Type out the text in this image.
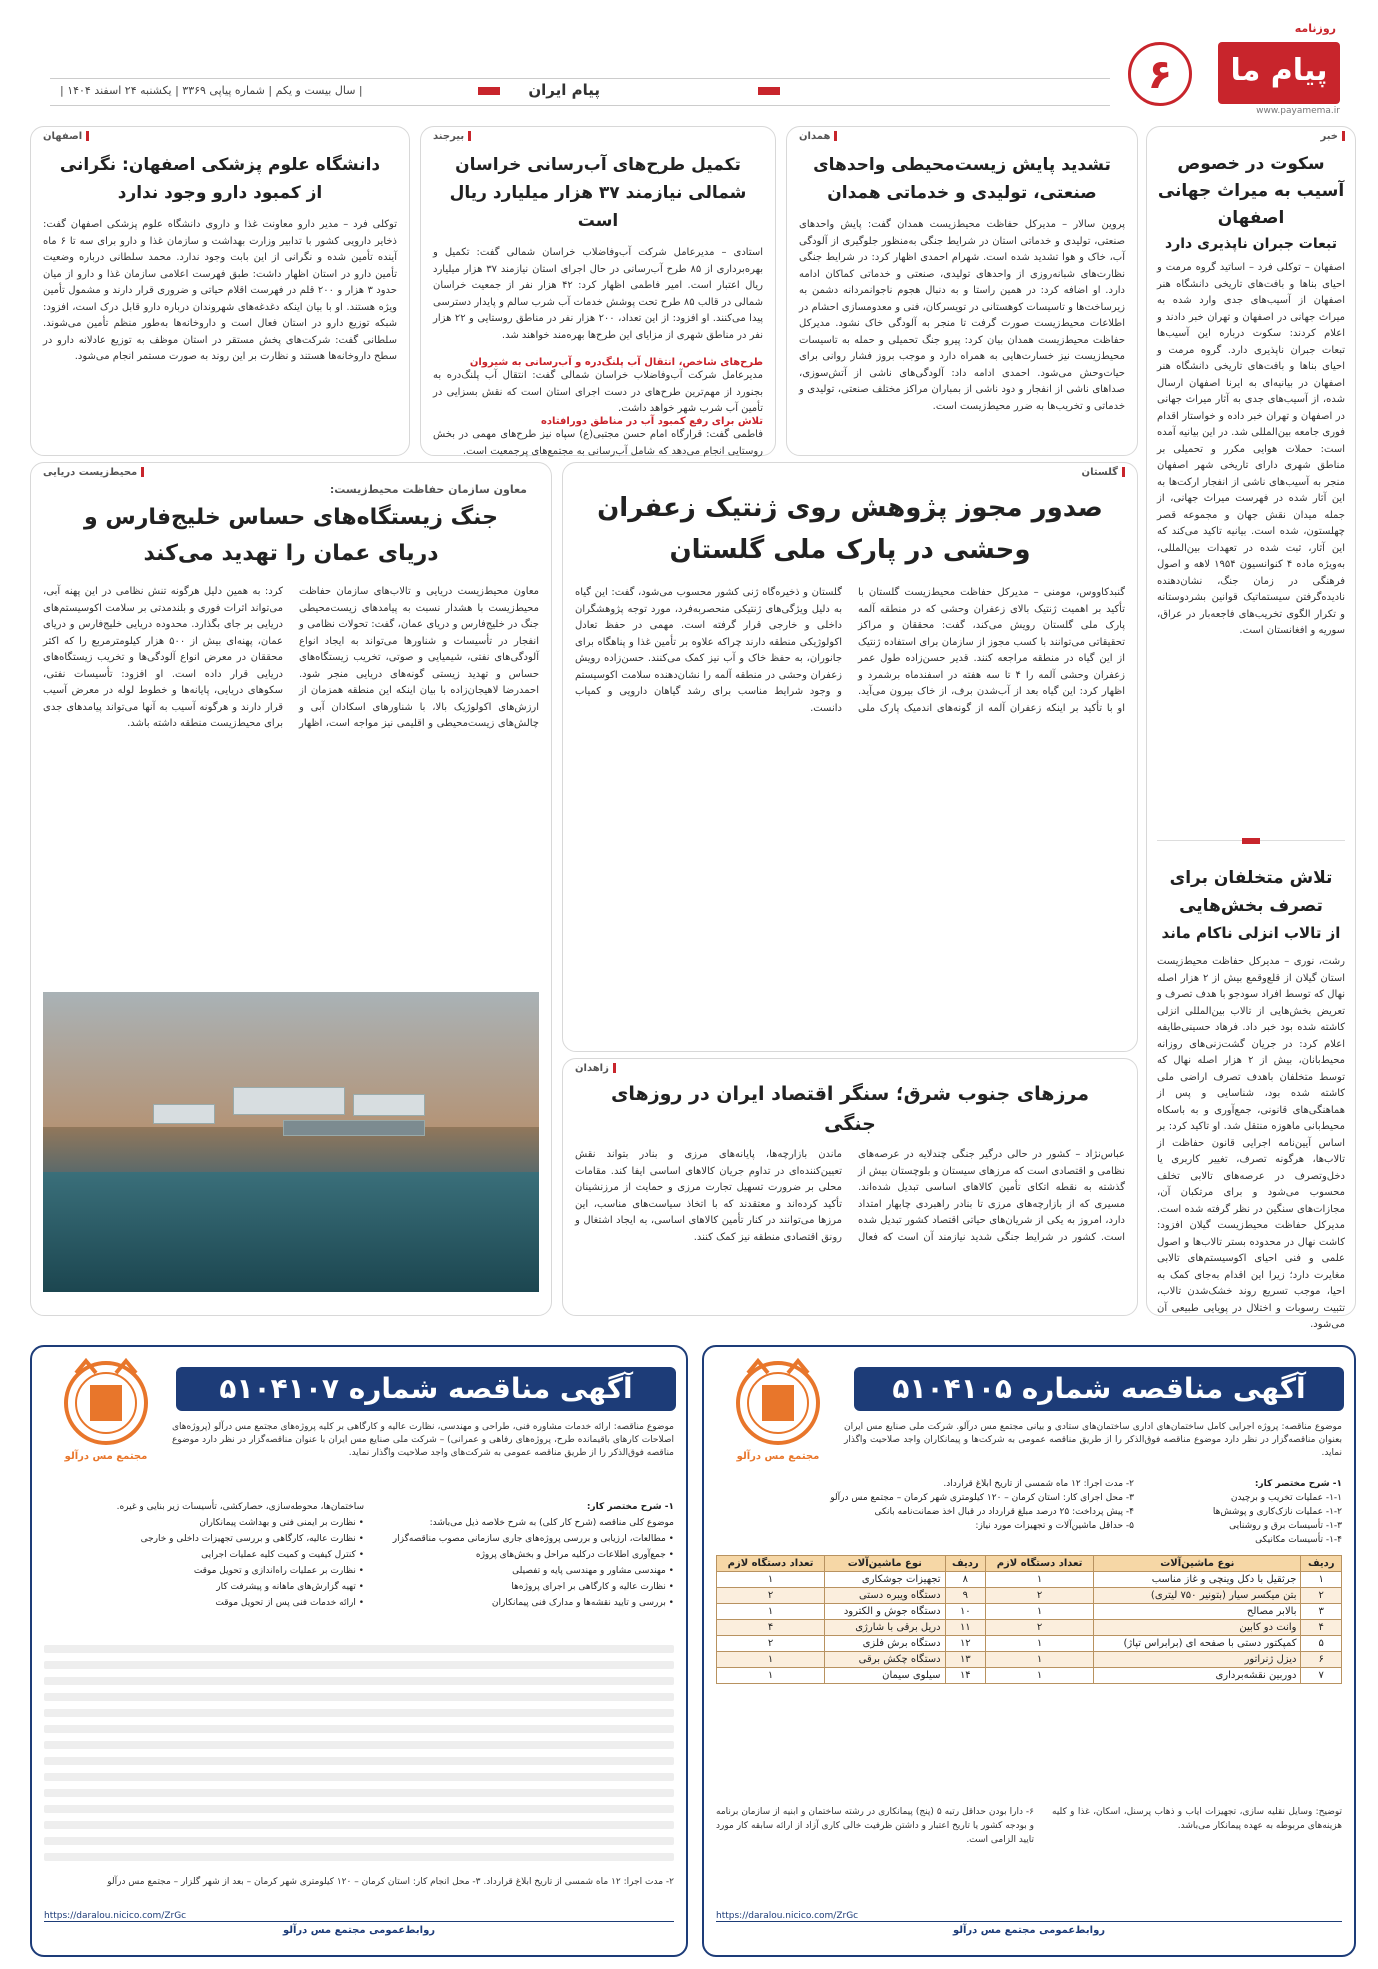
روزنامه
پیام ما
www.payamema.ir
۶
پیام ایران
| سال بیست و یکم | شماره پیاپی ۳۳۶۹ | یکشنبه ۲۴ اسفند ۱۴۰۴ |
خبر
سکوت در خصوص آسیب به میراث جهانی اصفهان
تبعات جبران ناپذیری دارد

اصفهان – توکلی فرد – اساتید گروه مرمت و احیای بناها و بافت‌های تاریخی دانشگاه هنر اصفهان از آسیب‌های جدی وارد شده به میراث جهانی در اصفهان و تهران خبر دادند و اعلام کردند: سکوت درباره این آسیب‌ها تبعات جبران ناپذیری دارد. گروه مرمت و احیای بناها و بافت‌های تاریخی دانشگاه هنر اصفهان در بیانیه‌ای به ایرنا اصفهان ارسال شده، از آسیب‌های جدی به آثار میراث جهانی در اصفهان و تهران خبر داده و خواستار اقدام فوری جامعه بین‌المللی شد. در این بیانیه آمده است: حملات هوایی مکرر و تحمیلی بر مناطق شهری دارای تاریخی شهر اصفهان منجر به آسیب‌های ناشی از انفجار ارکت‌ها به این آثار شده در فهرست میراث جهانی، از جمله میدان نقش جهان و مجموعه قصر چهلستون، شده است. بیانیه تاکید می‌کند که این آثار، ثبت شده در تعهدات بین‌المللی، به‌ویژه ماده ۴ کنوانسیون ۱۹۵۴ لاهه و اصول فرهنگی در زمان جنگ، نشان‌دهنده نادیده‌گرفتن سیستماتیک قوانین بشردوستانه و تکرار الگوی تخریب‌های فاجعه‌بار در عراق، سوریه و افغانستان است.

تلاش متخلفان برای
تصرف بخش‌هایی
از تالاب انزلی ناکام ماند

رشت، نوری – مدیرکل حفاظت محیط‌زیست استان گیلان از قلع‌وقمع بیش از ۲ هزار اصله نهال که توسط افراد سودجو با هدف تصرف و تعریض بخش‌هایی از تالاب بین‌المللی انزلی کاشته شده بود خبر داد. فرهاد حسینی‌طایفه اعلام کرد: در جریان گشت‌زنی‌های روزانه محیط‌بانان، بیش از ۲ هزار اصله نهال که توسط متخلفان باهدف تصرف اراضی ملی کاشته شده بود، شناسایی و پس از هماهنگی‌های قانونی، جمع‌آوری و به باسکاه محیط‌بانی ماهوزه منتقل شد. او تاکید کرد: بر اساس آیین‌نامه اجرایی قانون حفاظت از تالاب‌ها، هرگونه تصرف، تغییر کاربری یا دخل‌وتصرف در عرصه‌های تالابی تخلف محسوب می‌شود و برای مرتکبان آن، مجازات‌های سنگین در نظر گرفته شده است. مدیرکل حفاظت محیط‌زیست گیلان افزود: کاشت نهال در محدوده بستر تالاب‌ها و اصول علمی و فنی احیای اکوسیستم‌های تالابی مغایرت دارد؛ زیرا این اقدام به‌جای کمک به احیا، موجب تسریع روند خشک‌شدن تالاب، تثبیت رسوبات و اختلال در پویایی طبیعی آن می‌شود.

همدان
تشدید پایش زیست‌محیطی واحدهای صنعتی، تولیدی و خدماتی همدان

پروین سالار – مدیرکل حفاظت محیط‌زیست همدان گفت: پایش واحدهای صنعتی، تولیدی و خدماتی استان در شرایط جنگی به‌منظور جلوگیری از آلودگی آب، خاک و هوا تشدید شده است. شهرام احمدی اظهار کرد: در شرایط جنگی نظارت‌های شبانه‌روزی از واحدهای تولیدی، صنعتی و خدماتی کماکان ادامه دارد. او اضافه کرد: در همین راستا و به دنبال هجوم ناجوانمردانه دشمن به زیرساخت‌ها و تاسیسات کوهستانی در تویسرکان، فنی و معدومسازی احشام در اطلاعات محیط‌زیست صورت گرفت تا منجر به آلودگی خاک نشود. مدیرکل حفاظت محیط‌زیست همدان بیان کرد: پیرو جنگ تحمیلی و حمله به تاسیسات محیط‌زیست نیز خسارت‌هایی به همراه دارد و موجب بروز فشار روانی برای حیات‌وحش می‌شود. احمدی ادامه داد: آلودگی‌های ناشی از آتش‌سوزی، صداهای ناشی از انفجار و دود ناشی از بمباران مراکز مختلف صنعتی، تولیدی و خدماتی و تخریب‌ها به ضرر محیط‌زیست است.

بیرجند
تکمیل طرح‌های آب‌رسانی خراسان شمالی نیازمند ۳۷ هزار میلیارد ریال است

استادی – مدیرعامل شرکت آب‌وفاضلاب خراسان شمالی گفت: تکمیل و بهره‌برداری از ۸۵ طرح آب‌رسانی در حال اجرای استان نیازمند ۳۷ هزار میلیارد ریال اعتبار است. امیر فاطمی اظهار کرد: ۴۲ هزار نفر از جمعیت خراسان شمالی در قالب ۸۵ طرح تحت پوشش خدمات آب شرب سالم و پایدار دسترسی پیدا می‌کنند. او افزود: از این تعداد، ۲۰۰ هزار نفر در مناطق روستایی و ۲۲ هزار نفر در مناطق شهری از مزایای این طرح‌ها بهره‌مند خواهند شد.

طرح‌های شاخص، انتقال آب پلنگ‌دره و آب‌رسانی به شیروان

مدیرعامل شرکت آب‌وفاضلاب خراسان شمالی گفت: انتقال آب پلنگ‌دره به بجنورد از مهم‌ترین طرح‌های در دست اجرای استان است که نقش بسزایی در تأمین آب شرب شهر خواهد داشت.

تلاش برای رفع کمبود آب در مناطق دورافتاده

فاطمی گفت: قرارگاه امام حسن مجتبی(ع) سپاه نیز طرح‌های مهمی در بخش روستایی انجام می‌دهد که شامل آب‌رسانی به مجتمع‌های پرجمعیت است.

اصفهان
دانشگاه علوم پزشکی اصفهان: نگرانی از کمبود دارو وجود ندارد

توکلی فرد – مدیر دارو معاونت غذا و داروی دانشگاه علوم پزشکی اصفهان گفت: ذخایر دارویی کشور با تدابیر وزارت بهداشت و سازمان غذا و دارو برای سه تا ۶ ماه آینده تأمین شده و نگرانی از این بابت وجود ندارد. محمد سلطانی درباره وضعیت تأمین دارو در استان اظهار داشت: طبق فهرست اعلامی سازمان غذا و دارو از میان حدود ۳ هزار و ۲۰۰ قلم در فهرست اقلام حیاتی و ضروری قرار دارند و مشمول تأمین ویژه هستند. او با بیان اینکه دغدغه‌های شهروندان درباره دارو قابل درک است، افزود: شبکه توزیع دارو در استان فعال است و داروخانه‌ها به‌طور منظم تأمین می‌شوند. سلطانی گفت: شرکت‌های پخش مستقر در استان موظف به توزیع عادلانه دارو در سطح داروخانه‌ها هستند و نظارت بر این روند به صورت مستمر انجام می‌شود.

گلستان
صدور مجوز پژوهش روی ژنتیک زعفران وحشی در پارک ملی گلستان

گنبدکاووس، مومنی – مدیرکل حفاظت محیط‌زیست گلستان با تأکید بر اهمیت ژنتیک بالای زعفران وحشی که در منطقه آلمه پارک ملی گلستان رویش می‌کند، گفت: محققان و مراکز تحقیقاتی می‌توانند با کسب مجوز از سازمان برای استفاده ژنتیک از این گیاه در منطقه مراجعه کنند. قدیر حسن‌زاده طول عمر زعفران وحشی آلمه را ۴ تا سه هفته در اسفندماه برشمرد و اظهار کرد: این گیاه بعد از آب‌شدن برف، از خاک بیرون می‌آید. او با تأکید بر اینکه زعفران آلمه از گونه‌های اندمیک پارک ملی گلستان و ذخیره‌گاه ژنی کشور محسوب می‌شود، گفت: این گیاه به دلیل ویژگی‌های ژنتیکی منحصربه‌فرد، مورد توجه پژوهشگران داخلی و خارجی قرار گرفته است. مهمی در حفظ تعادل اکولوژیکی منطقه دارند چراکه علاوه بر تأمین غذا و پناهگاه برای جانوران، به حفظ خاک و آب نیز کمک می‌کنند. حسن‌زاده رویش زعفران وحشی در منطقه آلمه را نشان‌دهنده سلامت اکوسیستم و وجود شرایط مناسب برای رشد گیاهان دارویی و کمیاب دانست.

زاهدان
مرزهای جنوب شرق؛ سنگر اقتصاد ایران در روزهای جنگی

عباس‌نژاد – کشور در حالی درگیر جنگی چندلایه در عرصه‌های نظامی و اقتصادی است که مرزهای سیستان و بلوچستان بیش از گذشته به نقطه اتکای تأمین کالاهای اساسی تبدیل شده‌اند. مسیری که از بازارچه‌های مرزی تا بنادر راهبردی چابهار امتداد دارد، امروز به یکی از شریان‌های حیاتی اقتصاد کشور تبدیل شده است. کشور در شرایط جنگی شدید نیازمند آن است که فعال ماندن بازارچه‌ها، پایانه‌های مرزی و بنادر بتواند نقش تعیین‌کننده‌ای در تداوم جریان کالاهای اساسی ایفا کند. مقامات محلی بر ضرورت تسهیل تجارت مرزی و حمایت از مرزنشینان تأکید کرده‌اند و معتقدند که با اتخاذ سیاست‌های مناسب، این مرزها می‌توانند در کنار تأمین کالاهای اساسی، به ایجاد اشتغال و رونق اقتصادی منطقه نیز کمک کنند.

محیط‌زیست دریایی
معاون سازمان حفاظت محیط‌زیست:
جنگ زیستگاه‌های حساس خلیج‌فارس و دریای عمان را تهدید می‌کند

معاون محیط‌زیست دریایی و تالاب‌های سازمان حفاظت محیط‌زیست با هشدار نسبت به پیامدهای زیست‌محیطی جنگ در خلیج‌فارس و دریای عمان، گفت: تحولات نظامی و انفجار در تأسیسات و شناورها می‌تواند به ایجاد انواع آلودگی‌های نفتی، شیمیایی و صوتی، تخریب زیستگاه‌های حساس و تهدید زیستی گونه‌های دریایی منجر شود. احمدرضا لاهیجان‌زاده با بیان اینکه این منطقه همزمان از ارزش‌های اکولوژیک بالا، با شناورهای اسکادان آبی و چالش‌های زیست‌محیطی و اقلیمی نیز مواجه است، اظهار کرد: به همین دلیل هرگونه تنش نظامی در این پهنه آبی، می‌تواند اثرات فوری و بلندمدتی بر سلامت اکوسیستم‌های دریایی بر جای بگذارد. محدوده دریایی خلیج‌فارس و دریای عمان، پهنه‌ای بیش از ۵۰۰ هزار کیلومترمربع را که اکثر محققان در معرض انواع آلودگی‌ها و تخریب زیستگاه‌های دریایی قرار داده است. او افزود: تأسیسات نفتی، سکوهای دریایی، پایانه‌ها و خطوط لوله در معرض آسیب قرار دارند و هرگونه آسیب به آنها می‌تواند پیامدهای جدی برای محیط‌زیست منطقه داشته باشد.

آگهی مناقصه شماره ۵۱۰۴۱۰۵
مجتمع مس درآلو

موضوع مناقصه: پروژه اجرایی کامل ساختمان‌های اداری ساختمان‌های ستادی و بیانی مجتمع مس درآلو. شرکت ملی صنایع مس ایران بعنوان مناقصه‌گزار در نظر دارد موضوع مناقصه فوق‌الذکر را از طریق مناقصه عمومی به شرکت‌ها و پیمانکاران واجد صلاحیت واگذار نماید.

۱- شرح مختصر کار:
۱-۱- عملیات تخریب و برچیدن
۱-۲- عملیات نازک‌کاری و پوشش‌ها
۱-۳- تأسیسات برق و روشنایی
۱-۴- تأسیسات مکانیکی
۲- مدت اجرا: ۱۲ ماه شمسی از تاریخ ابلاغ قرارداد.
۳- محل اجرای کار: استان کرمان – ۱۲۰ کیلومتری شهر کرمان – مجتمع مس درآلو
۴- پیش پرداخت: ۲۵ درصد مبلغ قرارداد در قبال اخذ ضمانت‌نامه بانکی
۵- حداقل ماشین‌آلات و تجهیزات مورد نیاز:
ردیف	نوع ماشین‌آلات	تعداد دستگاه لازم	ردیف	نوع ماشین‌آلات	تعداد دستگاه لازم
۱	جرثقیل با دکل وینچی و غاز مناسب	۱	۸	تجهیزات جوشکاری	۱
۲	بتن میکسر سیار (بتونیر ۷۵۰ لیتری)	۲	۹	دستگاه ویبره دستی	۲
۳	بالابر مصالح	۱	۱۰	دستگاه جوش و الکترود	۱
۴	وانت دو کابین	۲	۱۱	دریل برقی با شارژی	۴
۵	کمپکتور دستی با صفحه ای (برابراس تپاژ)	۱	۱۲	دستگاه برش فلزی	۲
۶	دیزل ژنراتور	۱	۱۳	دستگاه چکش برقی	۱
۷	دوربین نقشه‌برداری	۱	۱۴	سیلوی سیمان	۱

۶- دارا بودن حداقل رتبه ۵ (پنج) پیمانکاری در رشته ساختمان و ابنیه از سازمان برنامه و بودجه کشور یا تاریخ اعتبار و داشتن ظرفیت خالی کاری آزاد از ارائه سابقه کار مورد تایید الزامی است.

توضیح: وسایل نقلیه سازی، تجهیزات ایاب و ذهاب پرسنل، اسکان، غذا و کلیه هزینه‌های مربوطه به عهده پیمانکار می‌باشد.

https://daralou.nicico.com/ZrGc
روابط‌عمومی مجتمع مس درآلو
آگهی مناقصه شماره ۵۱۰۴۱۰۷
مجتمع مس درآلو

موضوع مناقصه: ارائه خدمات مشاوره فنی، طراحی و مهندسی، نظارت عالیه و کارگاهی بر کلیه پروژه‌های مجتمع مس درآلو (پروژه‌های اصلاحات کارهای باقیمانده طرح، پروژه‌های رفاهی و عمرانی) – شرکت ملی صنایع مس ایران با عنوان مناقصه‌گزار در نظر دارد موضوع مناقصه فوق‌الذکر را از طریق مناقصه عمومی به شرکت‌های واجد صلاحیت واگذار نماید.

۱- شرح مختصر کار:
موضوع کلی مناقصه (شرح کار کلی) به شرح خلاصه ذیل می‌باشد:
• مطالعات، ارزیابی و بررسی پروژه‌های جاری سازمانی مصوب مناقصه‌گزار
• جمع‌آوری اطلاعات درکلیه مراحل و بخش‌های پروژه
• مهندسی مشاور و مهندسی پایه و تفصیلی
• نظارت عالیه و کارگاهی بر اجرای پروژه‌ها
• بررسی و تایید نقشه‌ها و مدارک فنی پیمانکاران
ساختمان‌ها، محوطه‌سازی، حصارکشی، تأسیسات زیر بنایی و غیره.
• نظارت بر ایمنی فنی و بهداشت پیمانکاران
• نظارت عالیه، کارگاهی و بررسی تجهیزات داخلی و خارجی
• کنترل کیفیت و کمیت کلیه عملیات اجرایی
• نظارت بر عملیات راه‌اندازی و تحویل موقت
• تهیه گزارش‌های ماهانه و پیشرفت کار
• ارائه خدمات فنی پس از تحویل موقت

۲- مدت اجرا: ۱۲ ماه شمسی از تاریخ ابلاغ قرارداد. ۳- محل انجام کار: استان کرمان – ۱۲۰ کیلومتری شهر کرمان – بعد از شهر گلزار – مجتمع مس درآلو

https://daralou.nicico.com/ZrGc
روابط‌عمومی مجتمع مس درآلو
